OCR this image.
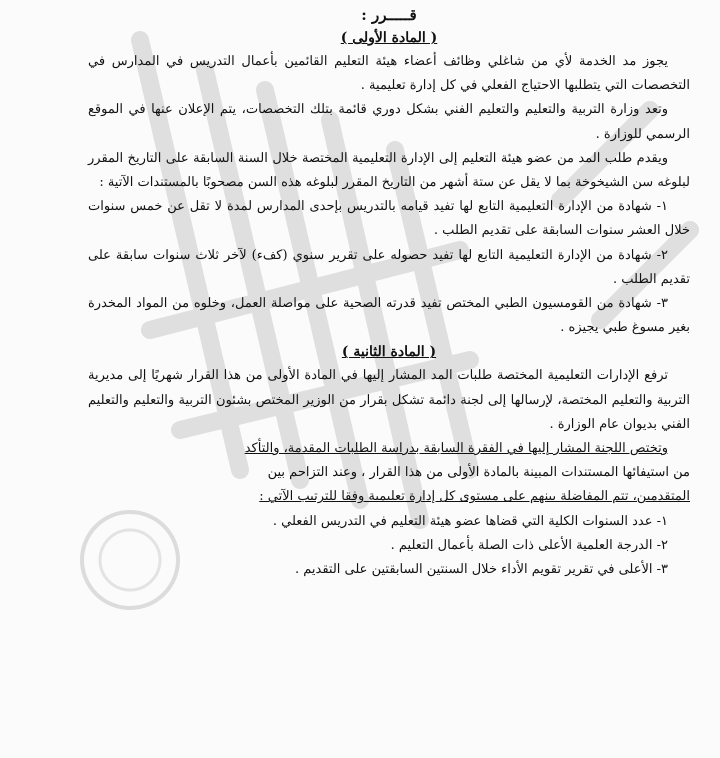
قـــــرر :
( المادة الأولى )

يجوز مد الخدمة لأي من شاغلي وظائف أعضاء هيئة التعليم القائمين بأعمال التدريس في المدارس في التخصصات التي يتطلبها الاحتياج الفعلي في كل إدارة تعليمية .

وتعد وزارة التربية والتعليم والتعليم الفني بشكل دوري قائمة بتلك التخصصات، يتم الإعلان عنها في الموقع الرسمي للوزارة .

ويقدم طلب المد من عضو هيئة التعليم إلى الإدارة التعليمية المختصة خلال السنة السابقة على التاريخ المقرر لبلوغه سن الشيخوخة بما لا يقل عن ستة أشهر من التاريخ المقرر لبلوغه هذه السن مصحوبًا بالمستندات الآتية :

١- شهادة من الإدارة التعليمية التابع لها تفيد قيامه بالتدريس بإحدى المدارس لمدة لا تقل عن خمس سنوات خلال العشر سنوات السابقة على تقديم الطلب .

٢- شهادة من الإدارة التعليمية التابع لها تفيد حصوله على تقرير سنوي (كفء) لآخر ثلاث سنوات سابقة على تقديم الطلب .

٣- شهادة من القومسيون الطبي المختص تفيد قدرته الصحية على مواصلة العمل، وخلوه من المواد المخدرة بغير مسوغ طبي يجيزه .

( المادة الثانية )

ترفع الإدارات التعليمية المختصة طلبات المد المشار إليها في المادة الأولى من هذا القرار شهريًا إلى مديرية التربية والتعليم المختصة، لإرسالها إلى لجنة دائمة تشكل بقرار من الوزير المختص بشئون التربية والتعليم والتعليم الفني بديوان عام الوزارة .

وتختص اللجنة المشار إليها في الفقرة السابقة بدراسة الطلبات المقدمة، والتأكد

من استيفائها المستندات المبينة بالمادة الأولى من هذا القرار ، وعند التزاحم بين

المتقدمين، تتم المفاضلة بينهم على مستوى كل إدارة تعليمية وفقا للترتيب الآتي :

١- عدد السنوات الكلية التي قضاها عضو هيئة التعليم في التدريس الفعلي .

٢- الدرجة العلمية الأعلى ذات الصلة بأعمال التعليم .

٣- الأعلى في تقرير تقويم الأداء خلال السنتين السابقتين على التقديم .
